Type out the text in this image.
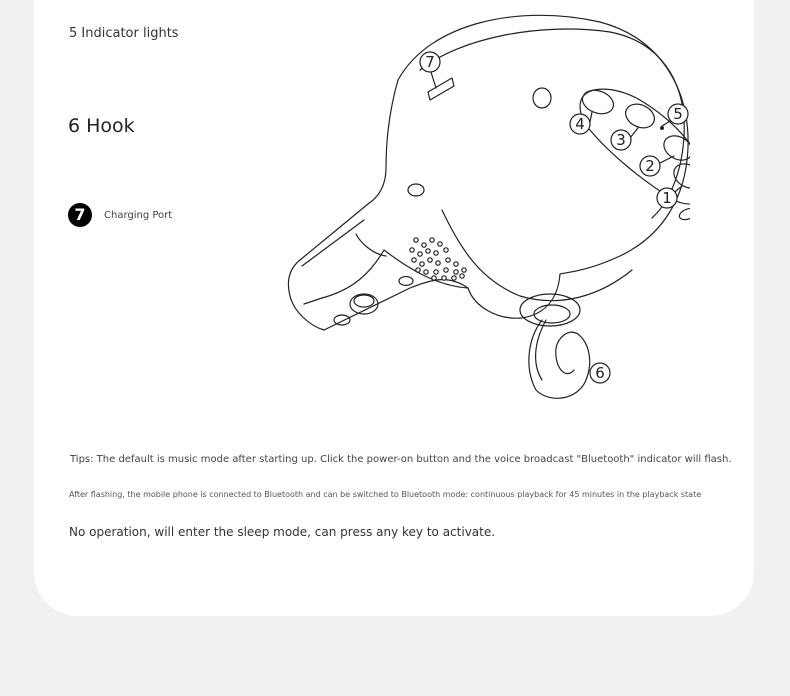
5 Indicator lights
6 Hook
7	Charging Port
7
5
4
3
2
1
6
Tips: The default is music mode after starting up. Click the power-on button and the voice broadcast "Bluetooth" indicator will flash.
After flashing, the mobile phone is connected to Bluetooth and can be switched to Bluetooth mode: continuous playback for 45 minutes in the playback state
No operation, will enter the sleep mode, can press any key to activate.
